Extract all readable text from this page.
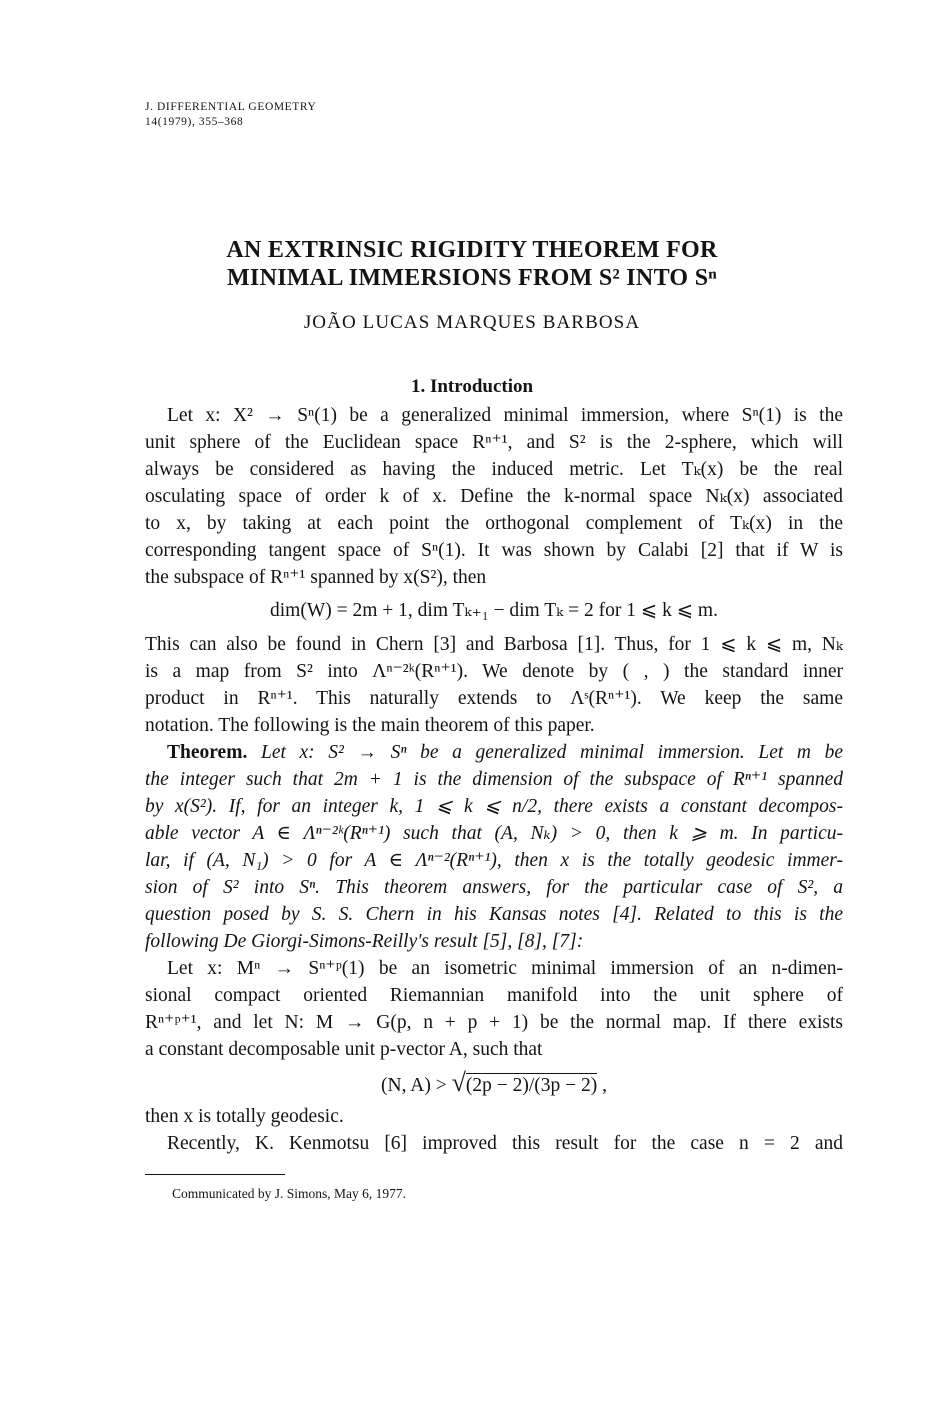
J. DIFFERENTIAL GEOMETRY
14(1979), 355–368
AN EXTRINSIC RIGIDITY THEOREM FOR
MINIMAL IMMERSIONS FROM S² INTO Sⁿ
JOÃO LUCAS MARQUES BARBOSA
1. Introduction
Let x: X² → Sⁿ(1) be a generalized minimal immersion, where Sⁿ(1) is the
unit sphere of the Euclidean space Rⁿ⁺¹, and S² is the 2-sphere, which will
always be considered as having the induced metric. Let Tₖ(x) be the real
osculating space of order k of x. Define the k-normal space Nₖ(x) associated
to x, by taking at each point the orthogonal complement of Tₖ(x) in the
corresponding tangent space of Sⁿ(1). It was shown by Calabi [2] that if W is
the subspace of Rⁿ⁺¹ spanned by x(S²), then
dim(W) = 2m + 1, dim Tₖ₊₁ − dim Tₖ = 2 for 1 ⩽ k ⩽ m.
This can also be found in Chern [3] and Barbosa [1]. Thus, for 1 ⩽ k ⩽ m, Nₖ
is a map from S² into Λⁿ⁻²ᵏ(Rⁿ⁺¹). We denote by ( , ) the standard inner
product in Rⁿ⁺¹. This naturally extends to Λˢ(Rⁿ⁺¹). We keep the same
notation. The following is the main theorem of this paper.
Theorem. Let x: S² → Sⁿ be a generalized minimal immersion. Let m be
the integer such that 2m + 1 is the dimension of the subspace of Rⁿ⁺¹ spanned
by x(S²). If, for an integer k, 1 ⩽ k ⩽ n/2, there exists a constant decompos-
able vector A ∈ Λⁿ⁻²ᵏ(Rⁿ⁺¹) such that (A, Nₖ) > 0, then k ⩾ m. In particu-
lar, if (A, N₁) > 0 for A ∈ Λⁿ⁻²(Rⁿ⁺¹), then x is the totally geodesic immer-
sion of S² into Sⁿ. This theorem answers, for the particular case of S², a
question posed by S. S. Chern in his Kansas notes [4]. Related to this is the
following De Giorgi-Simons-Reilly's result [5], [8], [7]:
Let x: Mⁿ → Sⁿ⁺ᵖ(1) be an isometric minimal immersion of an n-dimen-
sional compact oriented Riemannian manifold into the unit sphere of
Rⁿ⁺ᵖ⁺¹, and let N: M → G(p, n + p + 1) be the normal map. If there exists
a constant decomposable unit p-vector A, such that
(N, A) > √(2p − 2)/(3p − 2) ,
then x is totally geodesic.
Recently, K. Kenmotsu [6] improved this result for the case n = 2 and
Communicated by J. Simons, May 6, 1977.
